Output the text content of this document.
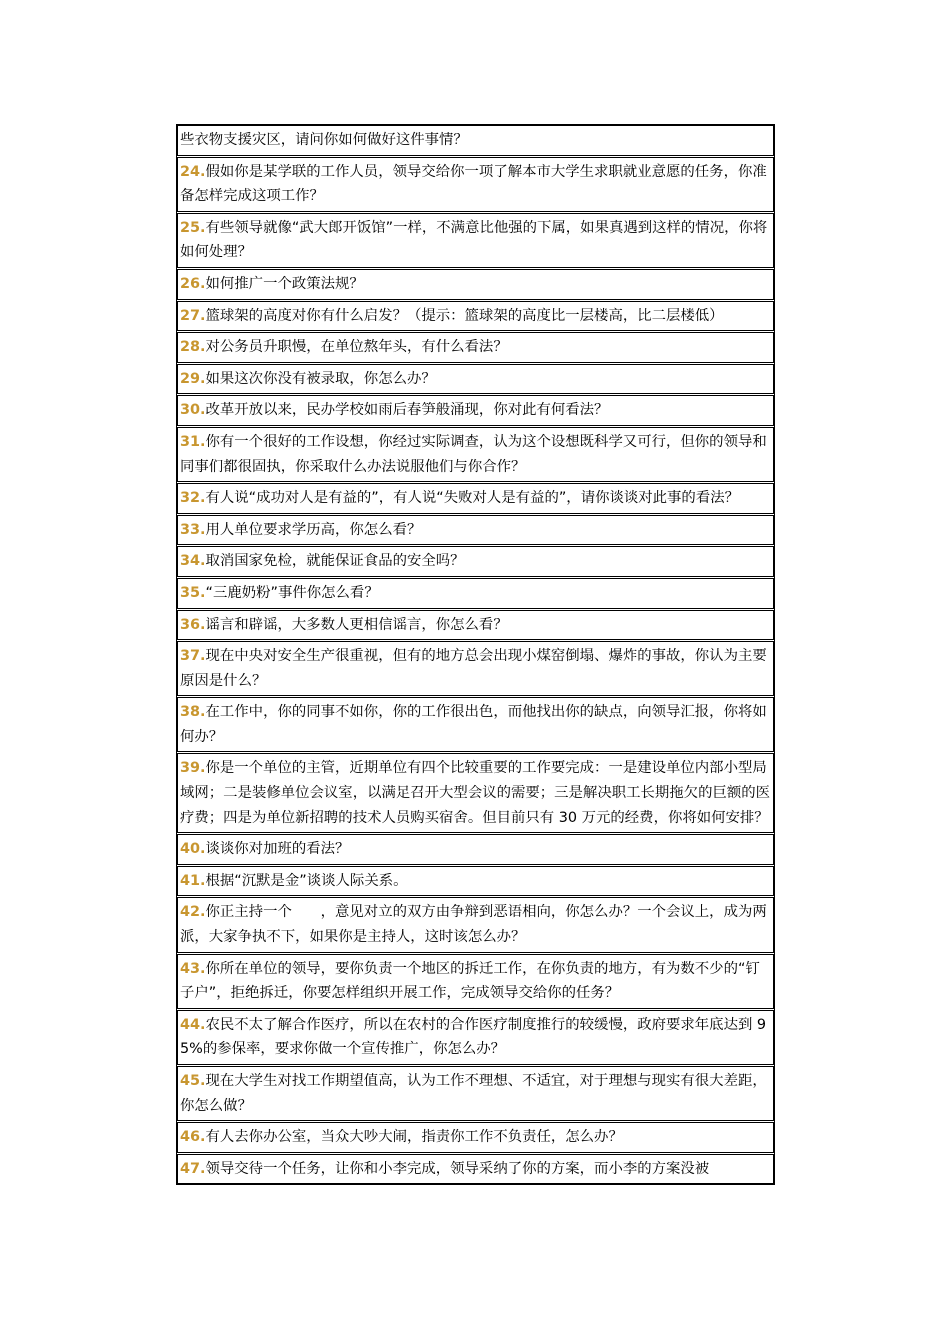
些衣物支援灾区，请问你如何做好这件事情？
24.假如你是某学联的工作人员，领导交给你一项了解本市大学生求职就业意愿的任务，你准备怎样完成这项工作？
25.有些领导就像“武大郎开饭馆”一样，不满意比他强的下属，如果真遇到这样的情况，你将如何处理？
26.如何推广一个政策法规？
27.篮球架的高度对你有什么启发？（提示：篮球架的高度比一层楼高，比二层楼低）
28.对公务员升职慢，在单位熬年头，有什么看法？
29.如果这次你没有被录取，你怎么办？
30.改革开放以来，民办学校如雨后春笋般涌现，你对此有何看法？
31.你有一个很好的工作设想，你经过实际调查，认为这个设想既科学又可行，但你的领导和同事们都很固执，你采取什么办法说服他们与你合作？
32.有人说“成功对人是有益的”，有人说“失败对人是有益的”，请你谈谈对此事的看法？
33.用人单位要求学历高，你怎么看？
34.取消国家免检，就能保证食品的安全吗？
35.“三鹿奶粉”事件你怎么看？
36.谣言和辟谣，大多数人更相信谣言，你怎么看？
37.现在中央对安全生产很重视，但有的地方总会出现小煤窑倒塌、爆炸的事故，你认为主要原因是什么？
38.在工作中，你的同事不如你，你的工作很出色，而他找出你的缺点，向领导汇报，你将如何办？
39.你是一个单位的主管，近期单位有四个比较重要的工作要完成：一是建设单位内部小型局域网；二是装修单位会议室，以满足召开大型会议的需要；三是解决职工长期拖欠的巨额的医疗费；四是为单位新招聘的技术人员购买宿舍。但目前只有 30 万元的经费，你将如何安排？
40.谈谈你对加班的看法？
41.根据“沉默是金”谈谈人际关系。
42.你正主持一个　　，意见对立的双方由争辩到恶语相向，你怎么办？一个会议上，成为两派，大家争执不下，如果你是主持人，这时该怎么办？
43.你所在单位的领导，要你负责一个地区的拆迁工作，在你负责的地方，有为数不少的“钉子户”，拒绝拆迁，你要怎样组织开展工作，完成领导交给你的任务？
44.农民不太了解合作医疗，所以在农村的合作医疗制度推行的较缓慢，政府要求年底达到 95%的参保率，要求你做一个宣传推广，你怎么办？
45.现在大学生对找工作期望值高，认为工作不理想、不适宜，对于理想与现实有很大差距，你怎么做？
46.有人去你办公室，当众大吵大闹，指责你工作不负责任，怎么办？
47.领导交待一个任务，让你和小李完成，领导采纳了你的方案，而小李的方案没被
